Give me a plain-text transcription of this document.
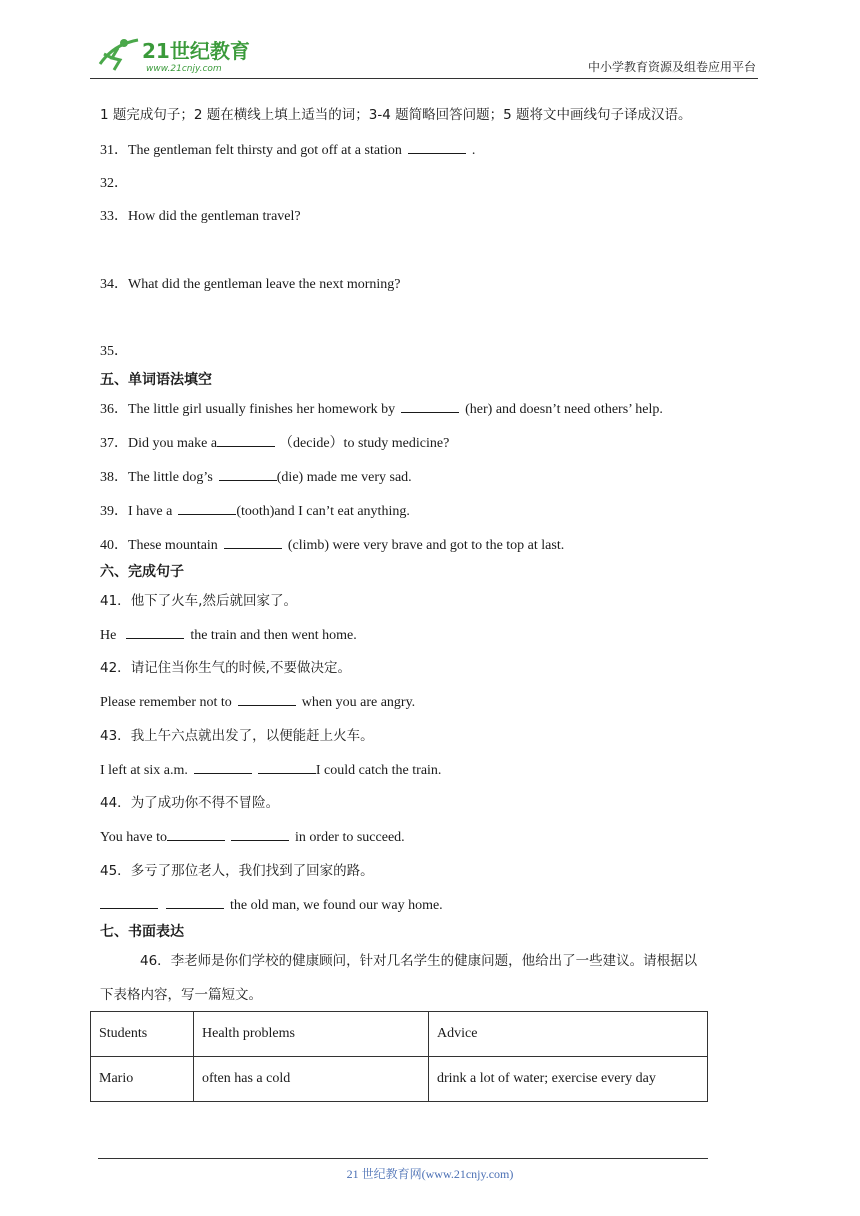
21世纪教育
www.21cnjy.com	中小学教育资源及组卷应用平台
1 题完成句子；2 题在横线上填上适当的词；3-4 题简略回答问题；5 题将文中画线句子译成汉语。
31．The gentleman felt thirsty and got off at a station	.
32．
33．How did the gentleman travel?
34．What did the gentleman leave the next morning?
35．
五、单词语法填空
36．The little girl usually finishes her homework by	(her) and doesn’t need others’ help.
37．Did you make a	（decide）to study medicine?
38．The little dog’s	(die) made me very sad.
39．I have a	(tooth)and I can’t eat anything.
40．These mountain	(climb) were very brave and got to the top at last.
六、完成句子
41．他下了火车,然后就回家了。
He	the train and then went home.
42．请记住当你生气的时候,不要做决定。
Please remember not to	when you are angry.
43．我上午六点就出发了，以便能赶上火车。
I left at six a.m.	I could catch the train.
44．为了成功你不得不冒险。
You have to	in order to succeed.
45．多亏了那位老人，我们找到了回家的路。
the old man, we found our way home.
七、书面表达
46．李老师是你们学校的健康顾问，针对几名学生的健康问题，他给出了一些建议。请根据以
下表格内容，写一篇短文。
Students	Health problems	Advice
Mario	often has a cold	drink a lot of water; exercise every day
21 世纪教育网(www.21cnjy.com)
